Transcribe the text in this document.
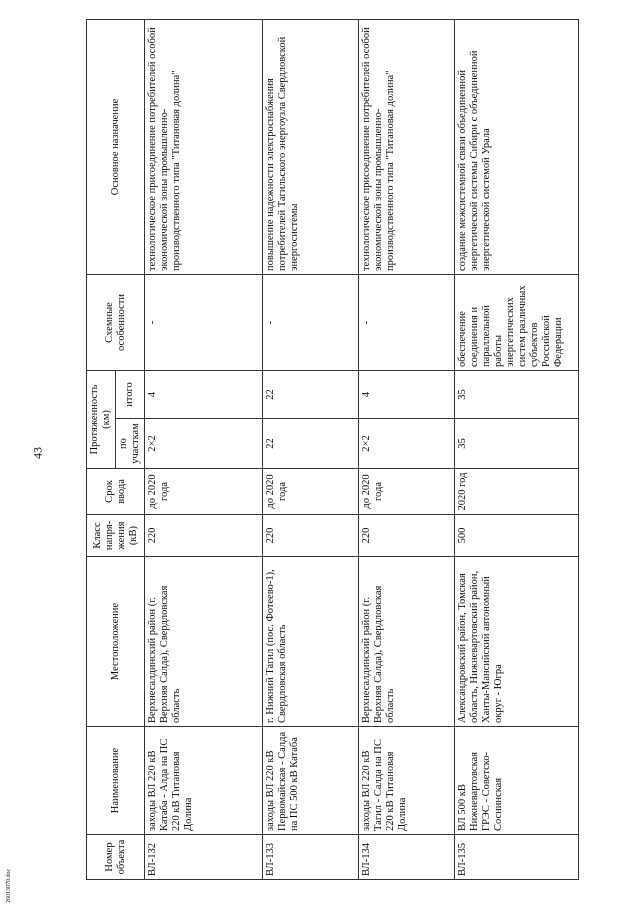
43
26013070.doc
Номер объекта	Наименование	Местоположение	Класс напря-жения (кВ)	Срок ввода	Протяженность (км)		Схемные особенности	Основное назначение
					по участкам	итого		
ВЛ-132	заходы ВЛ 220 кВ Катаба - Алда на ПС 220 кВ Титановая Долина	Верхнесалдинский район (г. Верхняя Салда), Свердловская область	220	до 2020 года	2×2	4	-	технологическое присоединение потребителей особой экономической зоны промышленно-производственного типа "Титановая долина"
ВЛ-133	заходы ВЛ 220 кВ Первомайская - Салда на ПС 500 кВ Катаба	г. Нижний Тагил (пос. Фотеево-1), Свердловская область	220	до 2020 года	22	22	-	повышение надежности электроснабжения потребителей Тагильского энергоузла Свердловской энергосистемы
ВЛ-134	заходы ВЛ 220 кВ Тагил - Салда на ПС 220 кВ Титановая Долина	Верхнесалдинский район (г. Верхняя Салда), Свердловская область	220	до 2020 года	2×2	4	-	технологическое присоединение потребителей особой экономической зоны промышленно-производственного типа "Титановая долина"
ВЛ-135	ВЛ 500 кВ Нижневартовская ГРЭС - Советско-Соснинская	Александровский район, Томская область, Нижневартовский район, Ханты-Мансийский автономный округ - Югра	500	2020 год	35	35	обеспечение соединения и параллельной работы энергетических систем различных субъектов Российской Федерации	создание межсистемной связи объединенной энергетической системы Сибири с объединенной энергетической системой Урала
